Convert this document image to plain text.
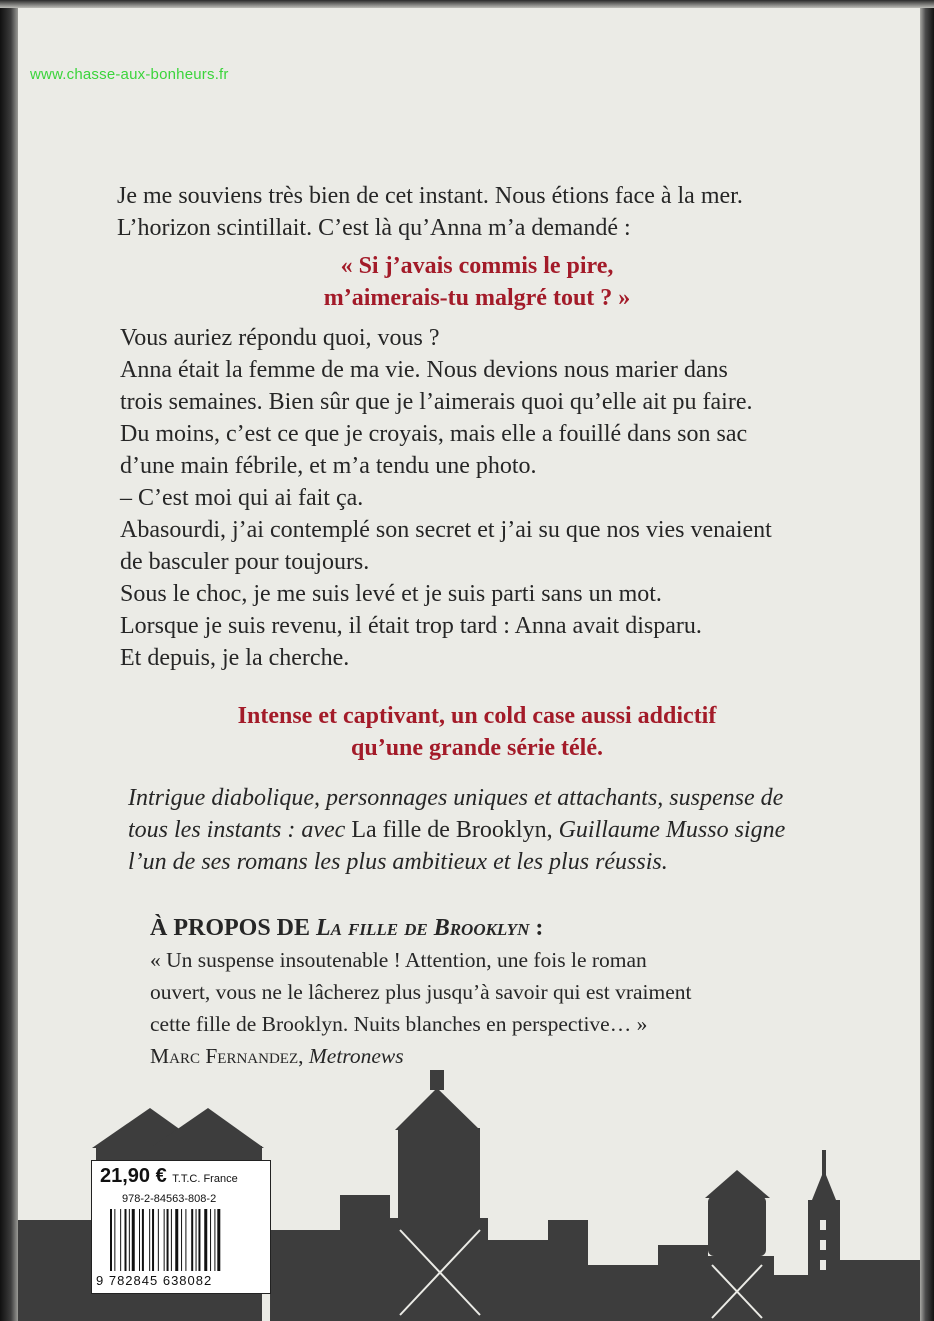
www.chasse-aux-bonheurs.fr
Je me souviens très bien de cet instant. Nous étions face à la mer.
L’horizon scintillait. C’est là qu’Anna m’a demandé :
« Si j’avais commis le pire,
m’aimerais-tu malgré tout ? »
Vous auriez répondu quoi, vous ?
Anna était la femme de ma vie. Nous devions nous marier dans
trois semaines. Bien sûr que je l’aimerais quoi qu’elle ait pu faire.
Du moins, c’est ce que je croyais, mais elle a fouillé dans son sac
d’une main fébrile, et m’a tendu une photo.
– C’est moi qui ai fait ça.
Abasourdi, j’ai contemplé son secret et j’ai su que nos vies venaient
de basculer pour toujours.
Sous le choc, je me suis levé et je suis parti sans un mot.
Lorsque je suis revenu, il était trop tard : Anna avait disparu.
Et depuis, je la cherche.
Intense et captivant, un cold case aussi addictif
qu’une grande série télé.
Intrigue diabolique, personnages uniques et attachants, suspense de
tous les instants : avec La fille de Brooklyn, Guillaume Musso signe
l’un de ses romans les plus ambitieux et les plus réussis.
À PROPOS DE La fille de Brooklyn :
« Un suspense insoutenable ! Attention, une fois le roman
ouvert, vous ne le lâcherez plus jusqu’à savoir qui est vraiment
cette fille de Brooklyn. Nuits blanches en perspective… »
Marc Fernandez, Metronews
21,90 € T.T.C. France
978-2-84563-808-2
9 782845 638082
